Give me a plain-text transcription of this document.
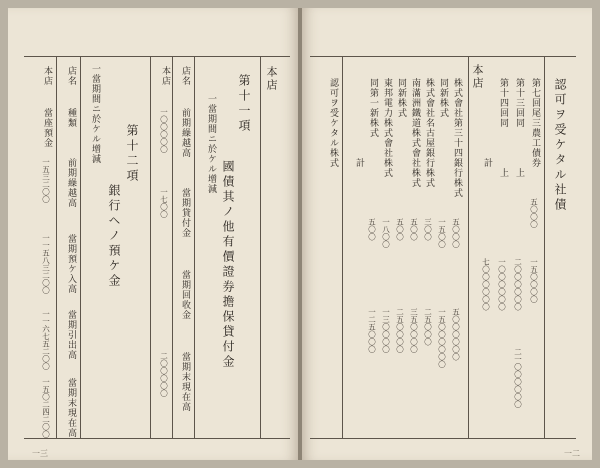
一三
本店
第十一項
國債其ノ他有價證券擔保貸付金
一當期間ニ於ケル增減
店名
前期繰越高
當期貸付金
當期回收金
當期末現在高
本店
一〇〇〇〇〇
一七〇〇
二〇〇〇〇〇
第十二項
銀行ヘノ預ケ金
一當期間ニ於ケル增減
店名
種類
前期繰越高
當期預ケ入高
當期引出高
當期末現在高
本店
當座預金
一五三二〇〇
一一五八三二〇〇
一一六七五二〇〇
一五〇二四二〇〇
一二
本店
認可ヲ受ケタル社債
第七回尾三農工債券
五〇〇〇
一五〇〇〇〇
第十三回同
上
二〇〇〇〇〇〇
二一〇〇〇〇〇〇
第十四回同
上
一〇〇〇〇〇〇
計
七〇〇〇〇〇〇
株式會社第三十四銀行株式
五〇〇〇
五〇〇〇〇〇〇
同新株式
一五〇〇
一五〇〇〇〇〇〇
株式會社名古屋銀行株式
三〇〇
二五〇〇〇
南滿洲鐵道株式會社株式
五〇〇
三五〇〇〇〇
同新株式
五〇〇
二五〇〇〇〇
東邦電力株式會社株式
一八〇〇
一三〇〇〇〇
同第一新株式
五〇〇
一二五〇〇〇
計
認可ヲ受ケタル株式
